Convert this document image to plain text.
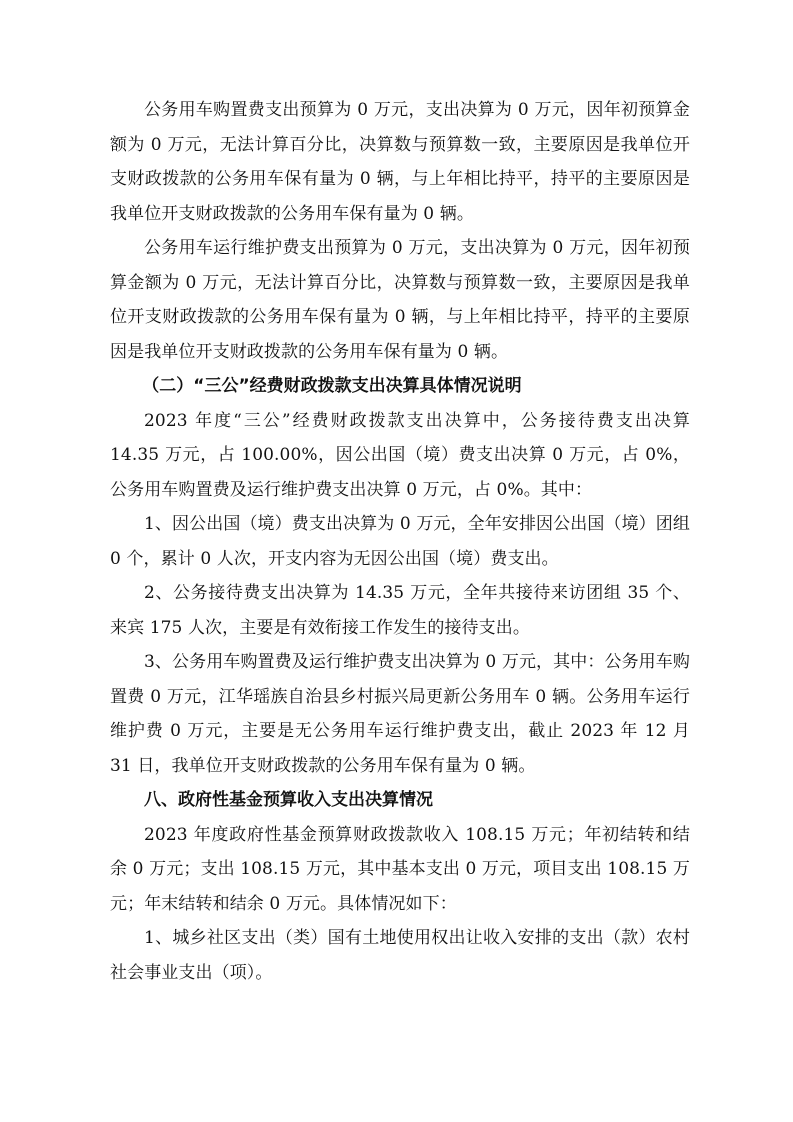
公务用车购置费支出预算为 0 万元，支出决算为 0 万元，因年初预算金额为 0 万元，无法计算百分比，决算数与预算数一致，主要原因是我单位开支财政拨款的公务用车保有量为 0 辆，与上年相比持平，持平的主要原因是我单位开支财政拨款的公务用车保有量为 0 辆。

公务用车运行维护费支出预算为 0 万元，支出决算为 0 万元，因年初预算金额为 0 万元，无法计算百分比，决算数与预算数一致，主要原因是我单位开支财政拨款的公务用车保有量为 0 辆，与上年相比持平，持平的主要原因是我单位开支财政拨款的公务用车保有量为 0 辆。

（二）“三公”经费财政拨款支出决算具体情况说明

2023 年度“三公”经费财政拨款支出决算中，公务接待费支出决算 14.35 万元，占 100.00%，因公出国（境）费支出决算 0 万元，占 0%，公务用车购置费及运行维护费支出决算 0 万元，占 0%。其中：

1、因公出国（境）费支出决算为 0 万元，全年安排因公出国（境）团组 0 个，累计 0 人次，开支内容为无因公出国（境）费支出。

2、公务接待费支出决算为 14.35 万元，全年共接待来访团组 35 个、来宾 175 人次，主要是有效衔接工作发生的接待支出。

3、公务用车购置费及运行维护费支出决算为 0 万元，其中：公务用车购置费 0 万元，江华瑶族自治县乡村振兴局更新公务用车 0 辆。公务用车运行维护费 0 万元，主要是无公务用车运行维护费支出，截止 2023 年 12 月 31 日，我单位开支财政拨款的公务用车保有量为 0 辆。

八、政府性基金预算收入支出决算情况

2023 年度政府性基金预算财政拨款收入 108.15 万元；年初结转和结余 0 万元；支出 108.15 万元，其中基本支出 0 万元，项目支出 108.15 万元；年末结转和结余 0 万元。具体情况如下：

1、城乡社区支出（类）国有土地使用权出让收入安排的支出（款）农村社会事业支出（项）。
